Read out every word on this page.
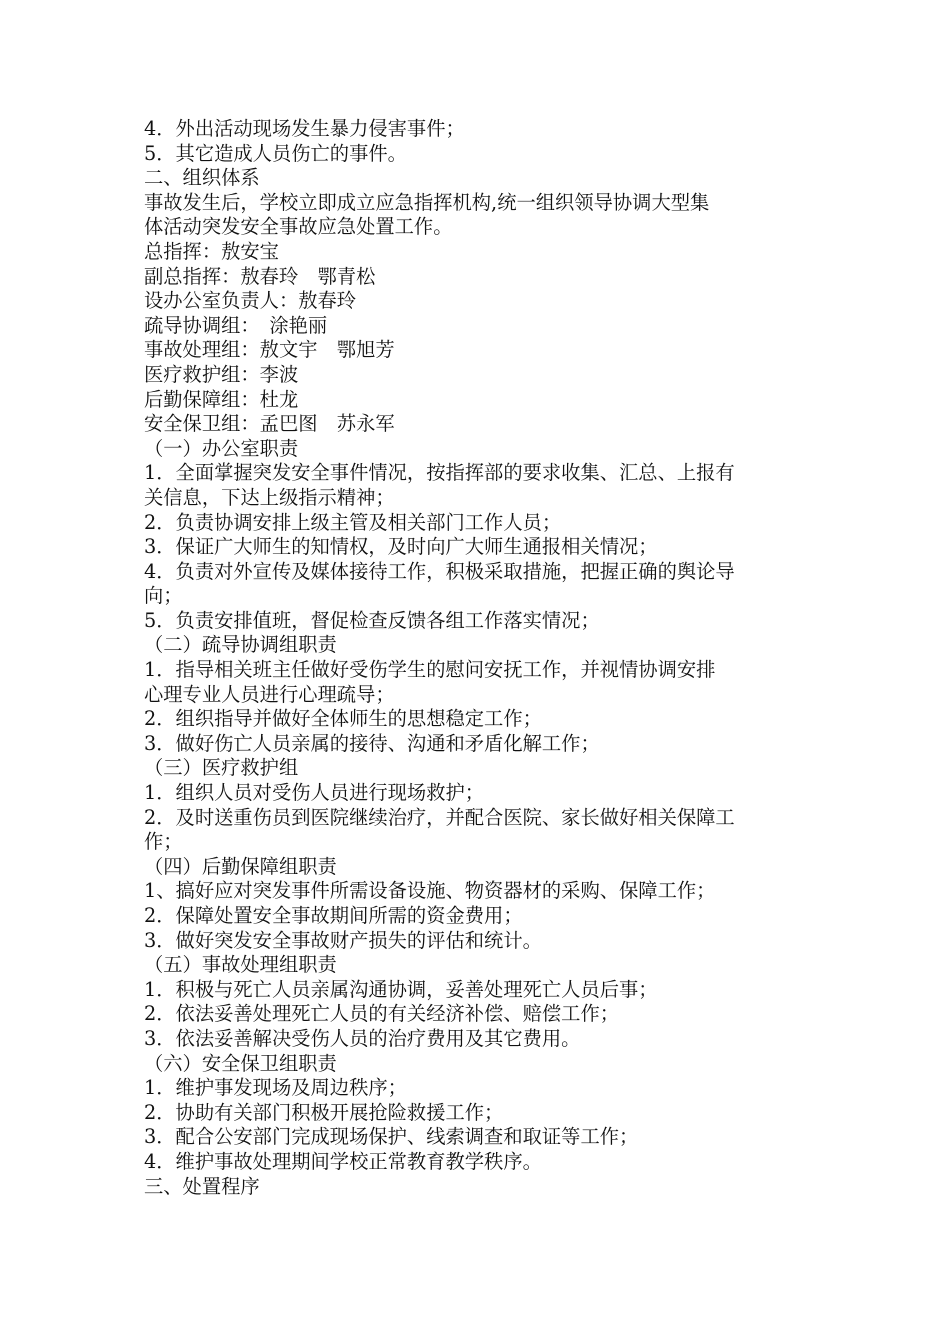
4．外出活动现场发生暴力侵害事件；
5．其它造成人员伤亡的事件。
二、组织体系
事故发生后，学校立即成立应急指挥机构,统一组织领导协调大型集
体活动突发安全事故应急处置工作。
总指挥：敖安宝
副总指挥：敖春玲　鄂青松
设办公室负责人：敖春玲
疏导协调组：　涂艳丽
事故处理组：敖文宇　鄂旭芳
医疗救护组：李波
后勤保障组：杜龙
安全保卫组：孟巴图　苏永军
（一）办公室职责
1．全面掌握突发安全事件情况，按指挥部的要求收集、汇总、上报有
关信息，下达上级指示精神；
2．负责协调安排上级主管及相关部门工作人员；
3．保证广大师生的知情权，及时向广大师生通报相关情况；
4．负责对外宣传及媒体接待工作，积极采取措施，把握正确的舆论导
向；
5．负责安排值班，督促检查反馈各组工作落实情况；
（二）疏导协调组职责
1．指导相关班主任做好受伤学生的慰问安抚工作，并视情协调安排
心理专业人员进行心理疏导；
2．组织指导并做好全体师生的思想稳定工作；
3．做好伤亡人员亲属的接待、沟通和矛盾化解工作；
（三）医疗救护组
1．组织人员对受伤人员进行现场救护；
2．及时送重伤员到医院继续治疗，并配合医院、家长做好相关保障工
作；
（四）后勤保障组职责
1、搞好应对突发事件所需设备设施、物资器材的采购、保障工作；
2．保障处置安全事故期间所需的资金费用；
3．做好突发安全事故财产损失的评估和统计。
（五）事故处理组职责
1．积极与死亡人员亲属沟通协调，妥善处理死亡人员后事；
2．依法妥善处理死亡人员的有关经济补偿、赔偿工作；
3．依法妥善解决受伤人员的治疗费用及其它费用。
（六）安全保卫组职责
1．维护事发现场及周边秩序；
2．协助有关部门积极开展抢险救援工作；
3．配合公安部门完成现场保护、线索调查和取证等工作；
4．维护事故处理期间学校正常教育教学秩序。
三、处置程序
